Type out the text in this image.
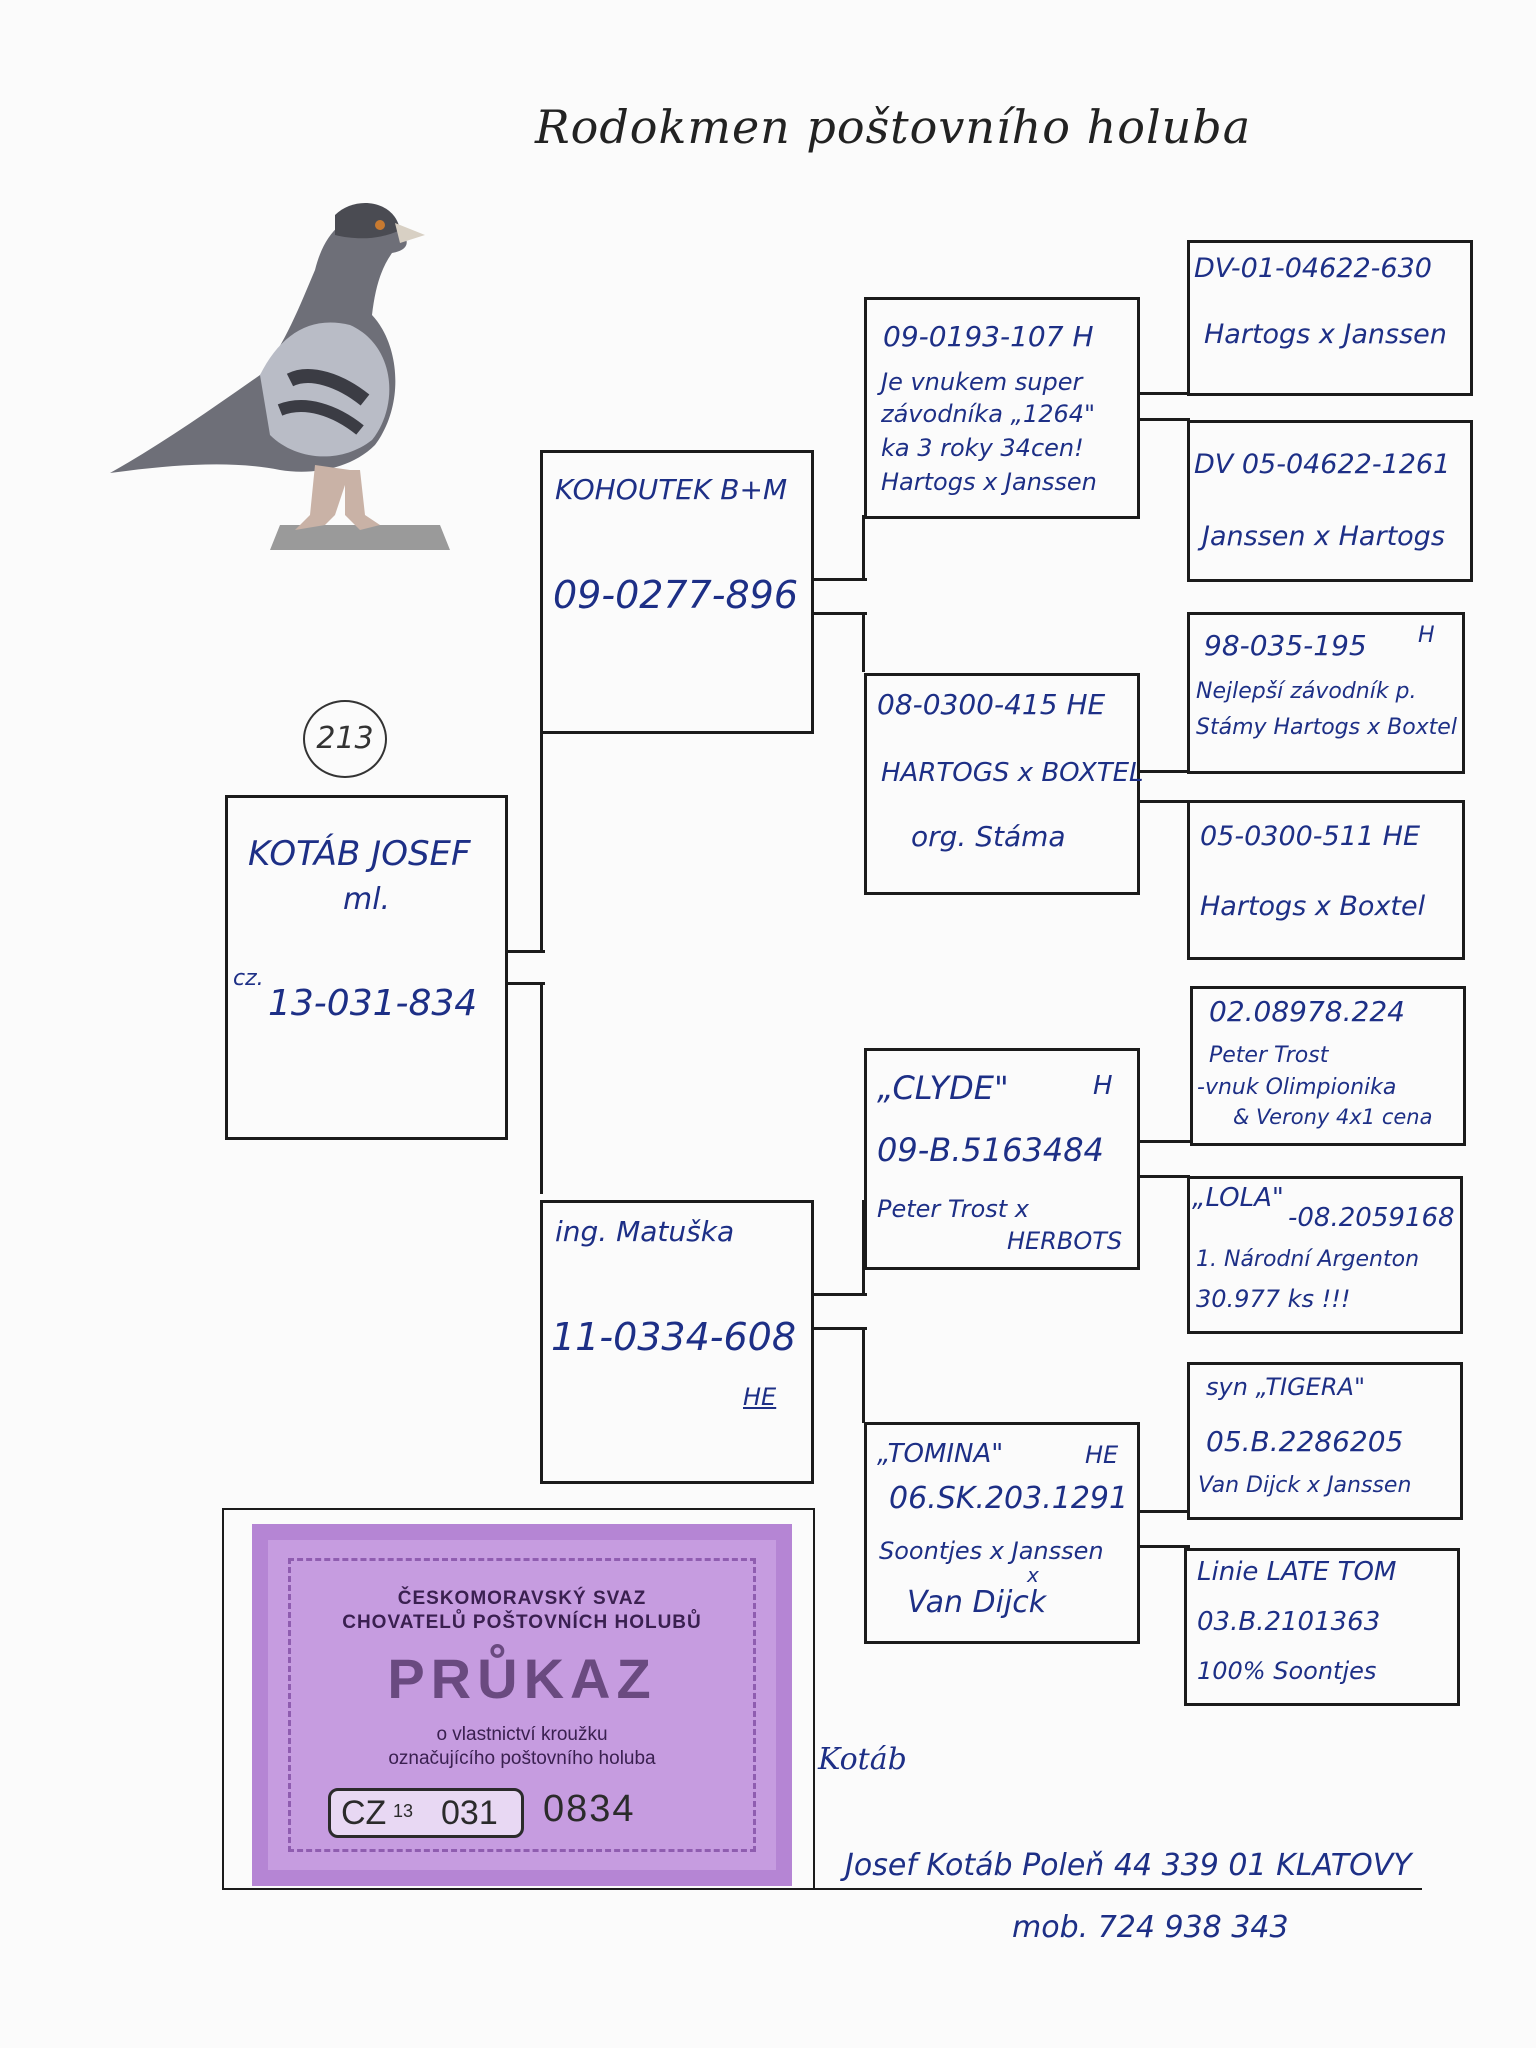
Rodokmen poštovního holuba
213
KOTÁB JOSEF
ml.
cz.
13-031-834
KOHOUTEK B+M
09-0277-896
ing. Matuška
11-0334-608
HE
09-0193-107 H
Je vnukem super
závodníka „1264"
ka 3 roky 34cen!
Hartogs x Janssen
08-0300-415 HE
HARTOGS x BOXTEL
org. Stáma
„CLYDE"	H
09-B.5163484
Peter Trost x
HERBOTS
„TOMINA"	HE
06.SK.203.1291
Soontjes x Janssen
x
Van Dijck
DV-01-04622-630
Hartogs x Janssen
DV 05-04622-1261
Janssen x Hartogs
98-035-195 H
Nejlepší závodník p.
Stámy Hartogs x Boxtel
05-0300-511 HE
Hartogs x Boxtel
02.08978.224
Peter Trost
-vnuk Olimpionika
& Verony 4x1 cena
„LOLA"
-08.2059168
1. Národní Argenton
30.977 ks !!!
syn „TIGERA"
05.B.2286205
Van Dijck x Janssen
Linie LATE TOM
03.B.2101363
100% Soontjes
ČESKOMORAVSKÝ SVAZ
CHOVATELŮ POŠTOVNÍCH HOLUBŮ
PRŮKAZ
o vlastnictví kroužku
označujícího poštovního holuba
CZ 13 031 0834
Kotáb
Josef Kotáb Poleň 44 339 01 KLATOVY
mob. 724 938 343
